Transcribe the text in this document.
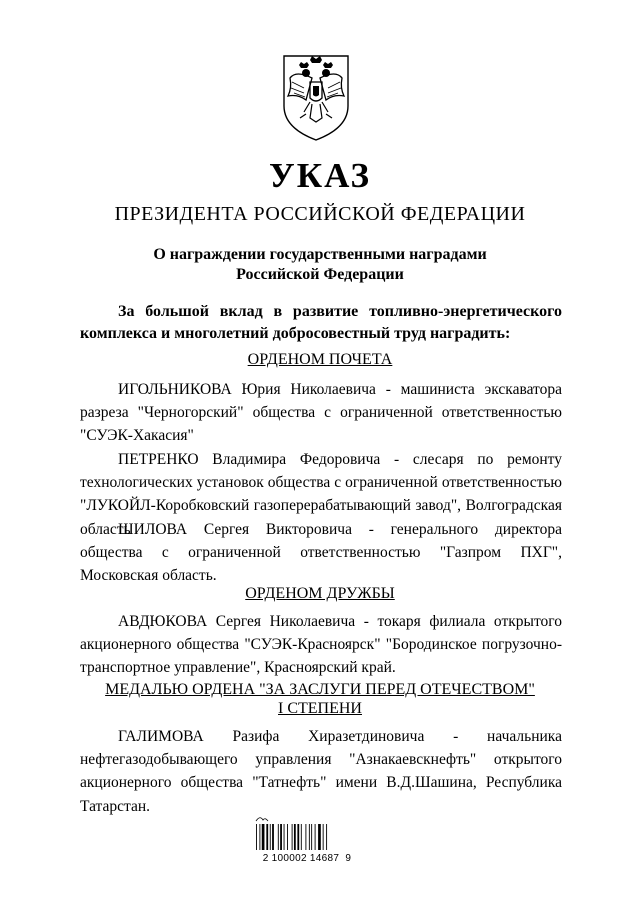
УКАЗ
ПРЕЗИДЕНТА РОССИЙСКОЙ ФЕДЕРАЦИИ
О награждении государственными наградами
Российской Федерации
За большой вклад в развитие топливно-энергетического
комплекса и многолетний добросовестный труд наградить:
ОРДЕНОМ ПОЧЕТА
ИГОЛЬНИКОВА Юрия Николаевича - машиниста экскаватора разреза "Черногорский" общества с ограниченной ответственностью "СУЭК-Хакасия"
ПЕТРЕНКО Владимира Федоровича - слесаря по ремонту технологических установок общества с ограниченной ответственностью "ЛУКОЙЛ-Коробковский газоперерабатывающий завод", Волгоградская область
ШИЛОВА Сергея Викторовича - генерального директора общества с ограниченной ответственностью "Газпром ПХГ", Московская область.
ОРДЕНОМ ДРУЖБЫ
АВДЮКОВА Сергея Николаевича - токаря филиала открытого акционерного общества "СУЭК-Красноярск" "Бородинское погрузочно-транспортное управление", Красноярский край.
МЕДАЛЬЮ ОРДЕНА "ЗА ЗАСЛУГИ ПЕРЕД ОТЕЧЕСТВОМ"
I СТЕПЕНИ
ГАЛИМОВА Разифа Хиразетдиновича - начальника нефтегазодобывающего управления "Азнакаевскнефть" открытого акционерного общества "Татнефть" имени В.Д.Шашина, Республика Татарстан.
2 100002 14687  9
